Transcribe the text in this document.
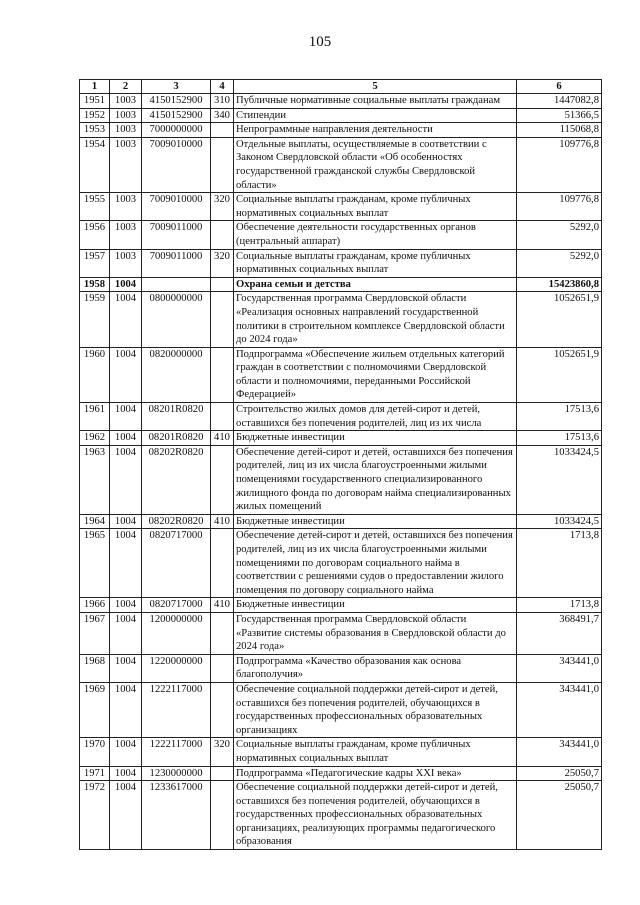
105
1	2	3	4	5	6
1951	1003	4150152900	310	Публичные нормативные социальные выплаты гражданам	1447082,8
1952	1003	4150152900	340	Стипендии	51366,5
1953	1003	7000000000		Непрограммные направления деятельности	115068,8
1954	1003	7009010000		Отдельные выплаты, осуществляемые в соответствии с Законом Свердловской области «Об особенностях государственной гражданской службы Свердловской области»	109776,8
1955	1003	7009010000	320	Социальные выплаты гражданам, кроме публичных нормативных социальных выплат	109776,8
1956	1003	7009011000		Обеспечение деятельности государственных органов (центральный аппарат)	5292,0
1957	1003	7009011000	320	Социальные выплаты гражданам, кроме публичных нормативных социальных выплат	5292,0
1958	1004			Охрана семьи и детства	15423860,8
1959	1004	0800000000		Государственная программа Свердловской области «Реализация основных направлений государственной политики в строительном комплексе Свердловской области до 2024 года»	1052651,9
1960	1004	0820000000		Подпрограмма «Обеспечение жильем отдельных категорий граждан в соответствии с полномочиями Свердловской области и полномочиями, переданными Российской Федерацией»	1052651,9
1961	1004	08201R0820		Строительство жилых домов для детей-сирот и детей, оставшихся без попечения родителей, лиц из их числа	17513,6
1962	1004	08201R0820	410	Бюджетные инвестиции	17513,6
1963	1004	08202R0820		Обеспечение детей-сирот и детей, оставшихся без попечения родителей, лиц из их числа благоустроенными жилыми помещениями государственного специализированного жилищного фонда по договорам найма специализированных жилых помещений	1033424,5
1964	1004	08202R0820	410	Бюджетные инвестиции	1033424,5
1965	1004	0820717000		Обеспечение детей-сирот и детей, оставшихся без попечения родителей, лиц из их числа благоустроенными жилыми помещениями по договорам социального найма в соответствии с решениями судов о предоставлении жилого помещения по договору социального найма	1713,8
1966	1004	0820717000	410	Бюджетные инвестиции	1713,8
1967	1004	1200000000		Государственная программа Свердловской области «Развитие системы образования в Свердловской области до 2024 года»	368491,7
1968	1004	1220000000		Подпрограмма «Качество образования как основа благополучия»	343441,0
1969	1004	1222117000		Обеспечение социальной поддержки детей-сирот и детей, оставшихся без попечения родителей, обучающихся в государственных профессиональных образовательных организациях	343441,0
1970	1004	1222117000	320	Социальные выплаты гражданам, кроме публичных нормативных социальных выплат	343441,0
1971	1004	1230000000		Подпрограмма «Педагогические кадры XXI века»	25050,7
1972	1004	1233617000		Обеспечение социальной поддержки детей-сирот и детей, оставшихся без попечения родителей, обучающихся в государственных профессиональных образовательных организациях, реализующих программы педагогического образования	25050,7
